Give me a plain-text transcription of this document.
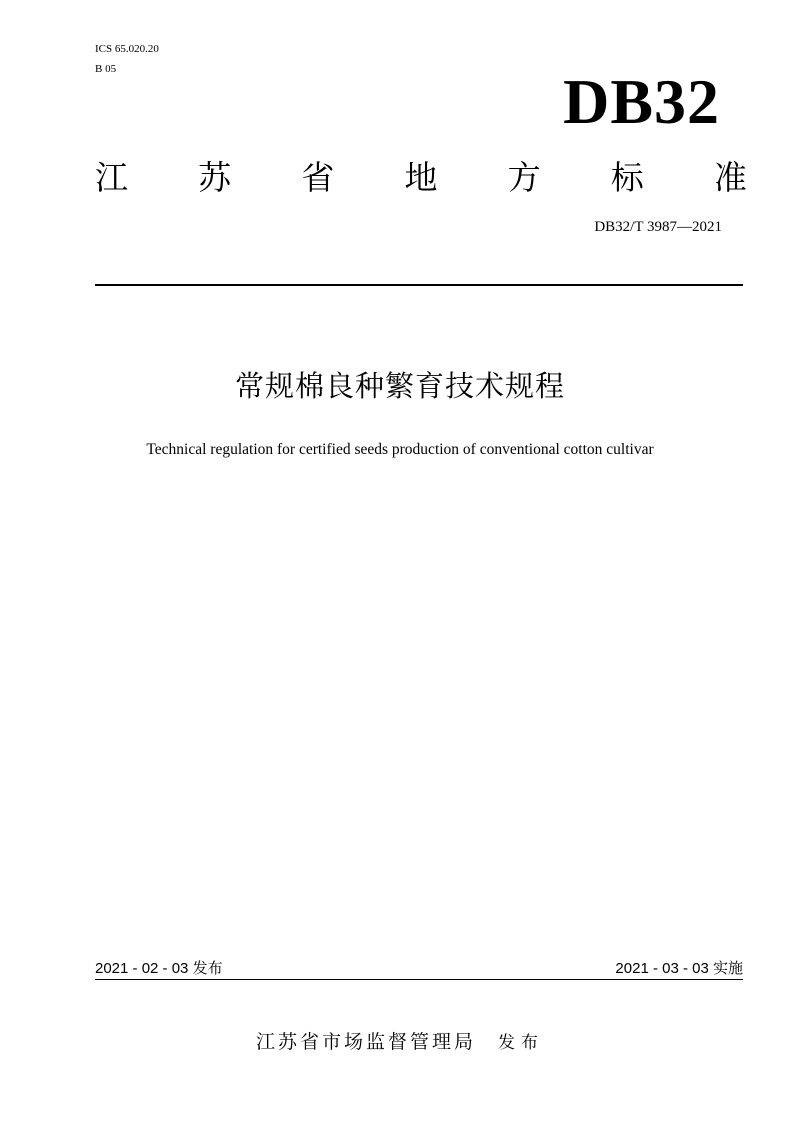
ICS 65.020.20
B 05	DB32
江 苏 省 地 方 标 准
DB32/T 3987—2021
常规棉良种繁育技术规程
Technical regulation for certified seeds production of conventional cotton cultivar
2021 - 02 - 03 发布	2021 - 03 - 03 实施
江苏省市场监督管理局 发布
